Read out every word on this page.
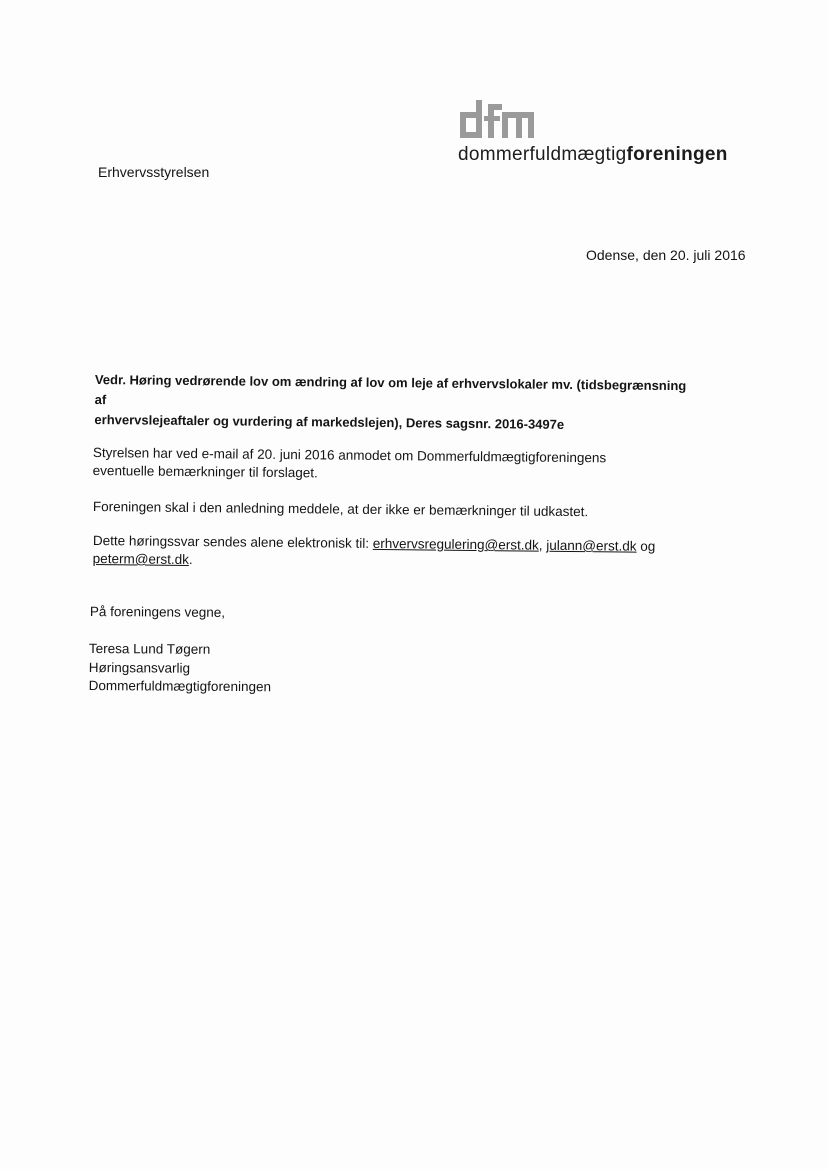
dommerfuldmægtigforeningen
Erhvervsstyrelsen
Odense, den 20. juli 2016
Vedr. Høring vedrørende lov om ændring af lov om leje af erhvervslokaler mv. (tidsbegrænsning af
erhvervslejeaftaler og vurdering af markedslejen), Deres sagsnr. 2016-3497e
Styrelsen har ved e-mail af 20. juni 2016 anmodet om Dommerfuldmægtigforeningens
eventuelle bemærkninger til forslaget.
Foreningen skal i den anledning meddele, at der ikke er bemærkninger til udkastet.
Dette høringssvar sendes alene elektronisk til: erhvervsregulering@erst.dk, julann@erst.dk og
peterm@erst.dk.
På foreningens vegne,
Teresa Lund Tøgern
Høringsansvarlig
Dommerfuldmægtigforeningen
